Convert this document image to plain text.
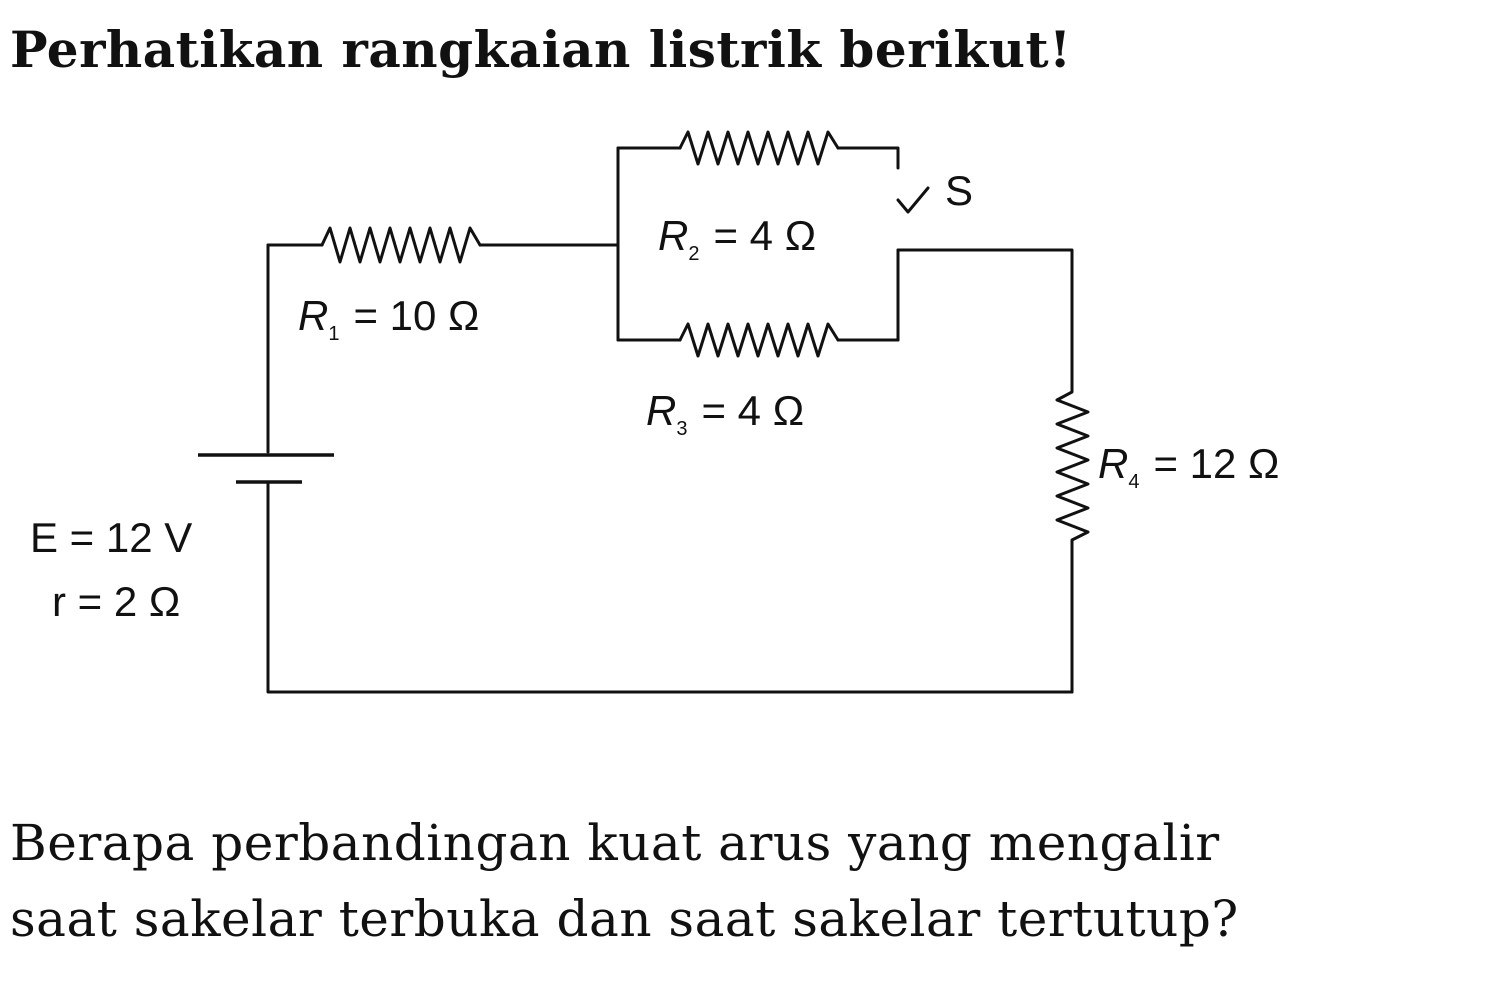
Perhatikan rangkaian listrik berikut!
$R_1 = 10$ Ω
$R_2 = 4$ Ω
$R_3 = 4$ Ω
$R_4 = 12$ Ω
S
E = 12 V
r = 2 Ω

Berapa perbandingan kuat arus yang mengalir
saat sakelar terbuka dan saat sakelar tertutup?
